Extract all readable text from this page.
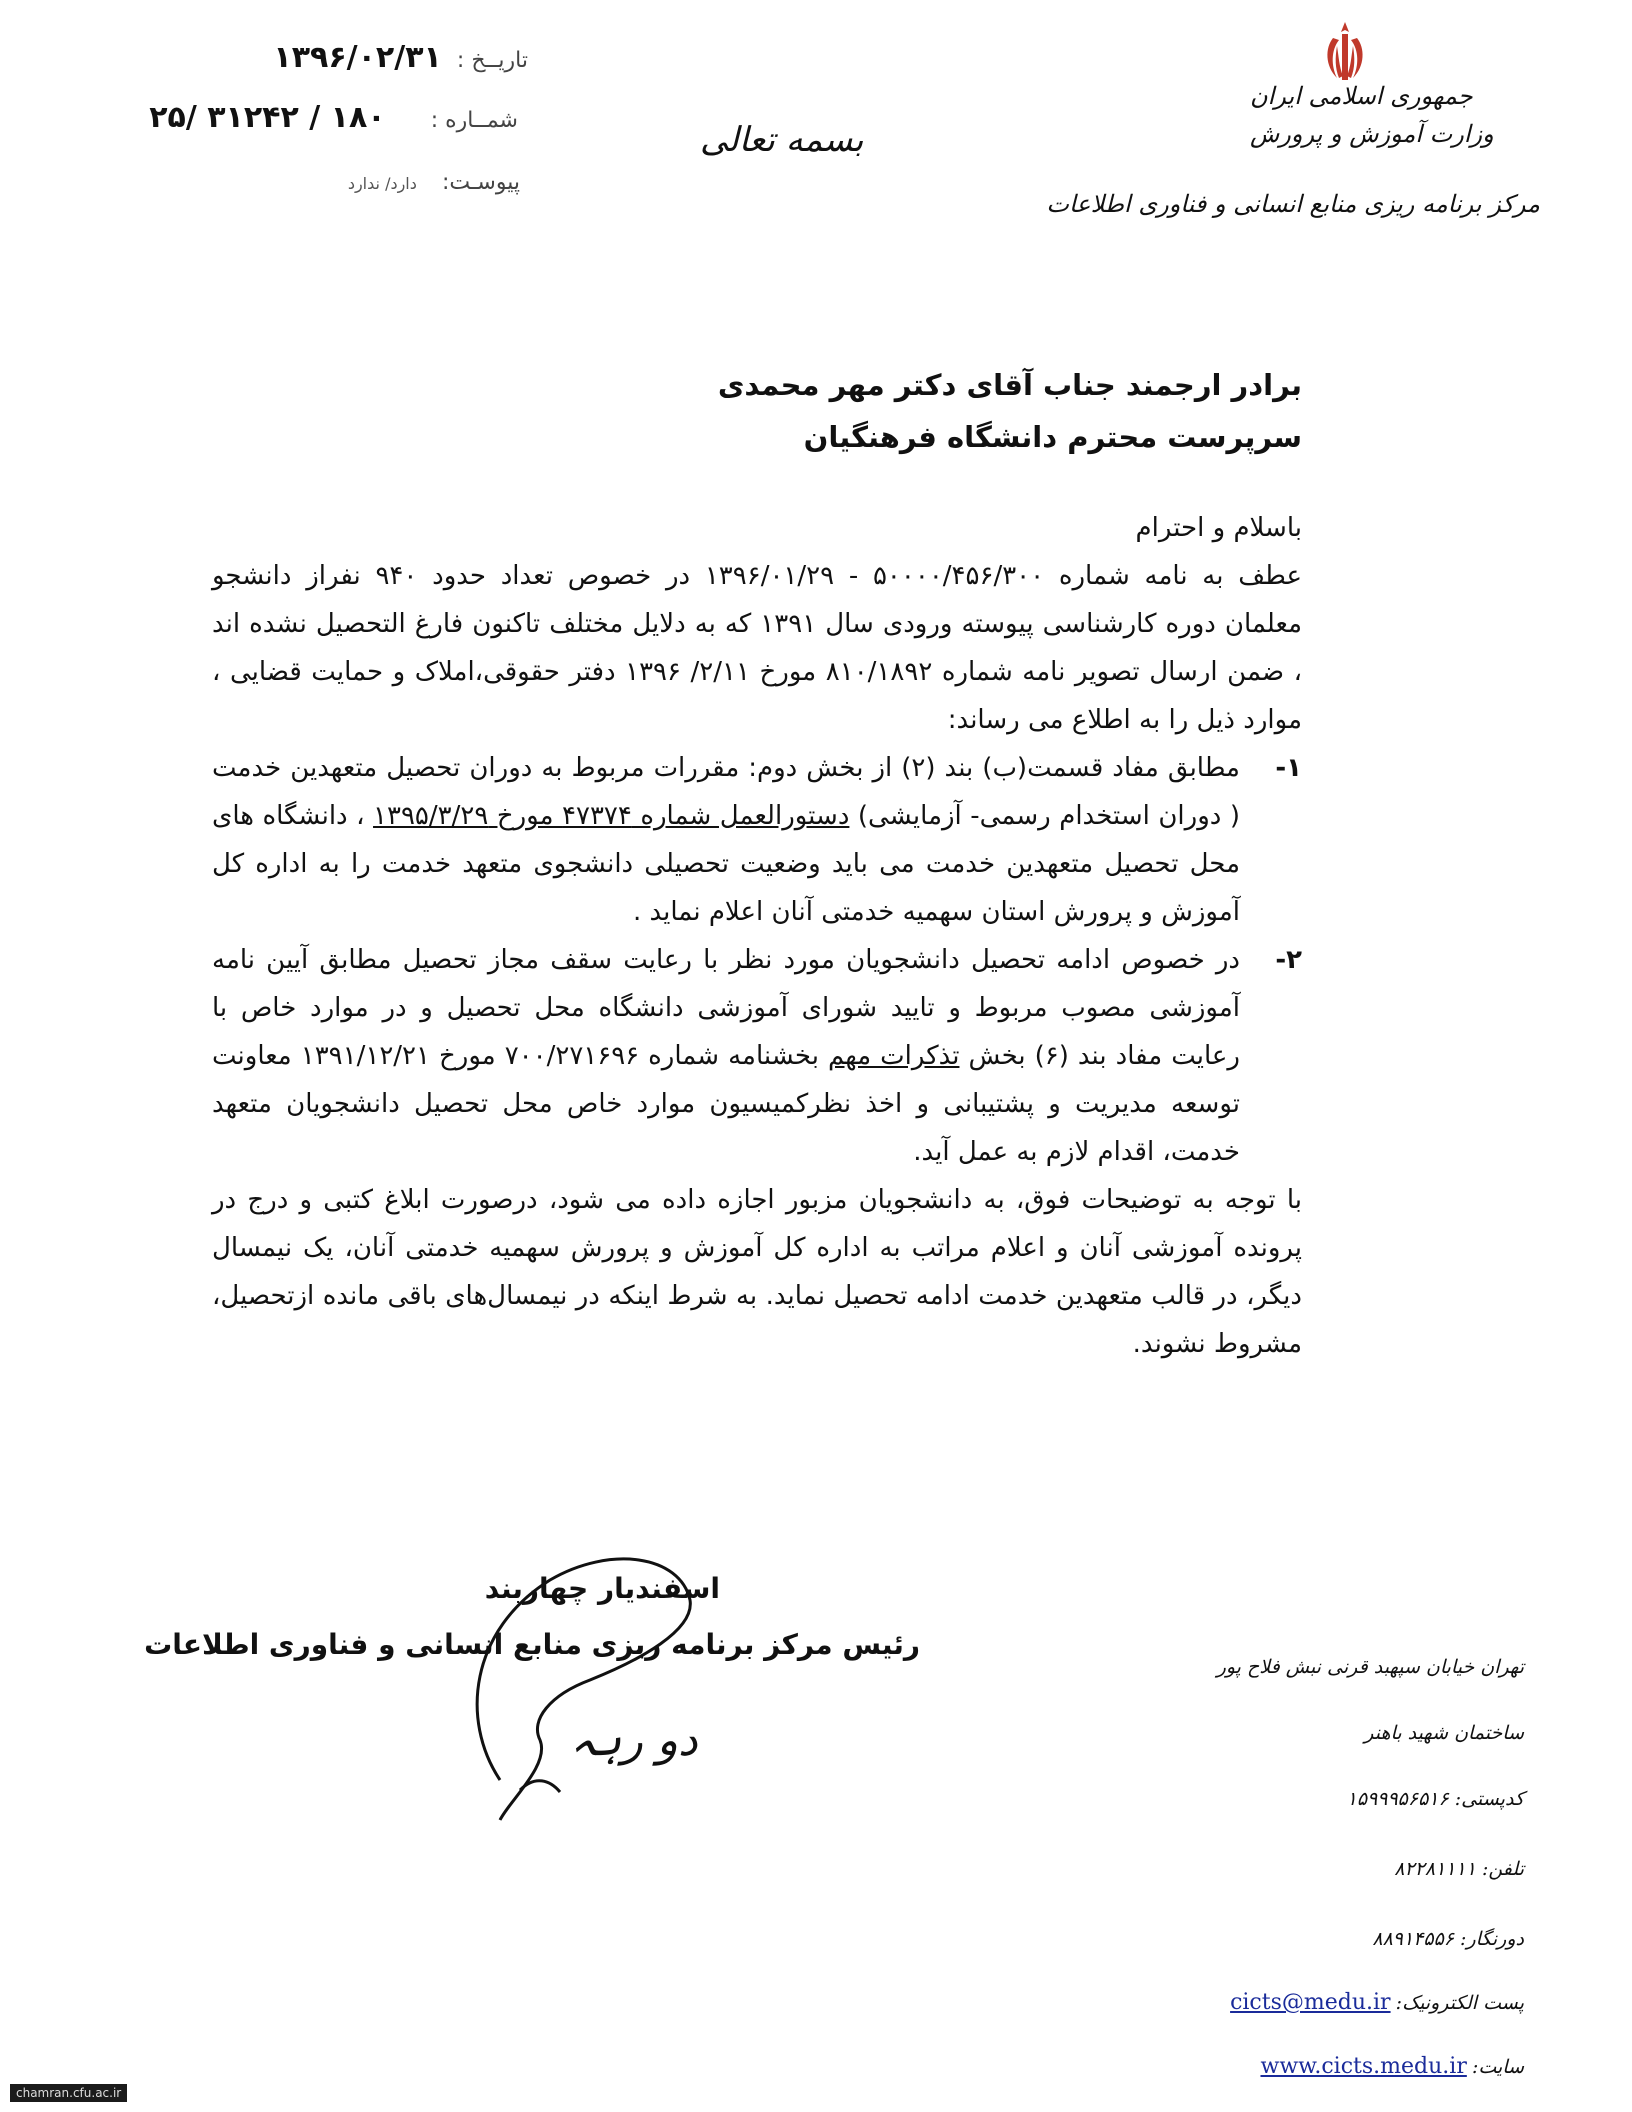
تاریــخ : ۱۳۹۶/۰۲/۳۱
شمــاره : ۱۸۰ / ۳۱۲۴۲ /۲۵
پیوسـت: دارد/ ندارد
بسمه تعالی
جمهوری اسلامی ایران
وزارت آموزش و پرورش
مرکز برنامه ریزی منابع انسانی و فناوری اطلاعات
برادر ارجمند جناب آقای دکتر مهر محمدی
سرپرست محترم دانشگاه فرهنگیان

باسلام و احترام

عطف به نامه شماره ۵۰۰۰۰/۴۵۶/۳۰۰ - ۱۳۹۶/۰۱/۲۹ در خصوص تعداد حدود ۹۴۰ نفراز دانشجو معلمان دوره کارشناسی پیوسته ورودی سال ۱۳۹۱ که به دلایل مختلف تاکنون فارغ التحصیل نشده اند ، ضمن ارسال تصویر نامه شماره ۸۱۰/۱۸۹۲ مورخ ۲/۱۱/ ۱۳۹۶ دفتر حقوقی،املاک و حمایت قضایی ، موارد ذیل را به اطلاع می رساند:

۱-
مطابق مفاد قسمت(ب) بند (۲) از بخش دوم: مقررات مربوط به دوران تحصیل متعهدین خدمت ( دوران استخدام رسمی- آزمایشی) دستورالعمل شماره ۴۷۳۷۴ مورخ ۱۳۹۵/۳/۲۹ ، دانشگاه های محل تحصیل متعهدین خدمت می باید وضعیت تحصیلی دانشجوی متعهد خدمت را به اداره کل آموزش و پرورش استان سهمیه خدمتی آنان اعلام نماید .
۲-
در خصوص ادامه تحصیل دانشجویان مورد نظر با رعایت سقف مجاز تحصیل مطابق آیین نامه آموزشی مصوب مربوط و تایید شورای آموزشی دانشگاه محل تحصیل و در موارد خاص با رعایت مفاد بند (۶) بخش تذکرات مهم بخشنامه شماره ۷۰۰/۲۷۱۶۹۶ مورخ ۱۳۹۱/۱۲/۲۱ معاونت توسعه مدیریت و پشتیبانی و اخذ نظرکمیسیون موارد خاص محل تحصیل دانشجویان متعهد خدمت، اقدام لازم به عمل آید.

با توجه به توضیحات فوق، به دانشجویان مزبور اجازه داده می شود، درصورت ابلاغ کتبی و درج در پرونده آموزشی آنان و اعلام مراتب به اداره کل آموزش و پرورش سهمیه خدمتی آنان، یک نیمسال دیگر، در قالب متعهدین خدمت ادامه تحصیل نماید. به شرط اینکه در نیمسال‌های باقی مانده ازتحصیل، مشروط نشوند.

اسفندیار چهاربند
رئیس مرکز برنامه ریزی منابع انسانی و فناوری اطلاعات
دو رہہ
تهران خیابان سپهبد قرنی نبش فلاح پور
ساختمان شهید باهنر
کدپستی: ۱۵۹۹۹۵۶۵۱۶
تلفن: ۸۲۲۸۱۱۱۱
دورنگار: ۸۸۹۱۴۵۵۶
پست الکترونیک: cicts@medu.ir
سایت: www.cicts.medu.ir
chamran.cfu.ac.ir
